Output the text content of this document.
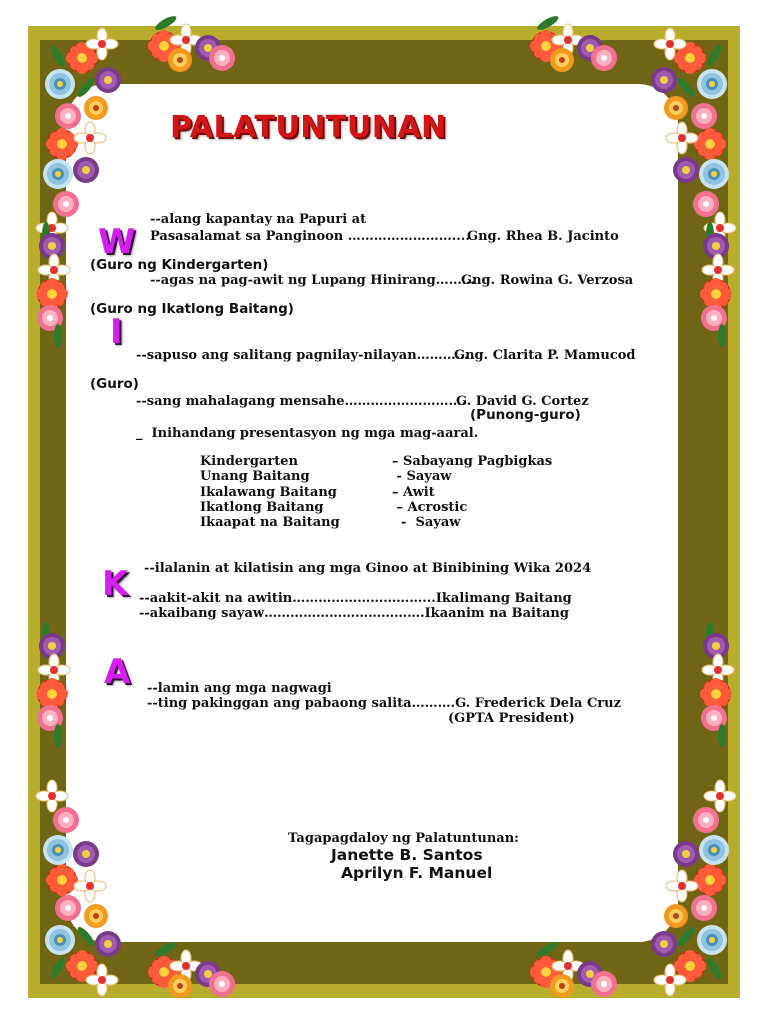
PALATUNTUNAN
W
I
K
A
--alang kapantay na Papuri at
Pasasalamat sa Panginoon ……………………....
Gng. Rhea B. Jacinto
(Guro ng Kindergarten)
--agas na pag-awit ng Lupang Hinirang………
Gng. Rowina G. Verzosa
(Guro ng Ikatlong Baitang)
--sapuso ang salitang pagnilay-nilayan…………
Gng. Clarita P. Mamucod
(Guro)
--sang mahalagang mensahe……………………….
G. David G. Cortez
(Punong-guro)
_  Inihandang presentasyon ng mga mag-aaral.
Kindergarten	– Sabayang Pagbigkas
Unang Baitang	- Sayaw
Ikalawang Baitang	– Awit
Ikatlong Baitang	– Acrostic
Ikaapat na Baitang	-  Sayaw
--ilalanin at kilatisin ang mga Ginoo at Binibining Wika 2024
--aakit-akit na awitin…………………………...Ikalimang Baitang
--akaibang sayaw……………………………….Ikaanim na Baitang
--lamin ang mga nagwagi
--ting pakinggan ang pabaong salita……….G. Frederick Dela Cruz
(GPTA President)
Tagapagdaloy ng Palatuntunan:
Janette B. Santos
Aprilyn F. Manuel
